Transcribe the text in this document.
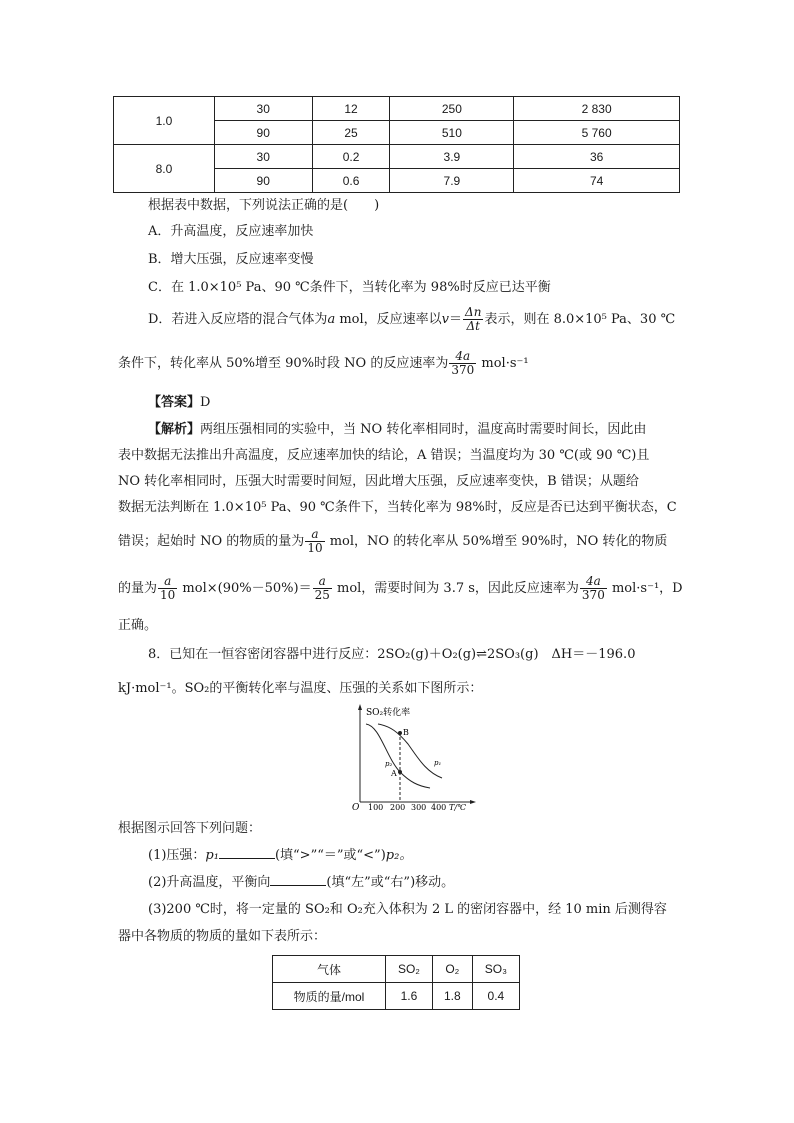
1.0	30	12	250	2 830
	90	25	510	5 760
8.0	30	0.2	3.9	36
	90	0.6	7.9	74
根据表中数据，下列说法正确的是(　　)
A．升高温度，反应速率加快
B．增大压强，反应速率变慢
C．在 1.0×10⁵ Pa、90 ℃条件下，当转化率为 98%时反应已达平衡
D．若进入反应塔的混合气体为a mol，反应速率以$v= \frac{\Delta n}{\Delta t}$ 表示，则在 8.0×10⁵ Pa、30 ℃
条件下，转化率从 50%增至 90%时段 NO 的反应速率为 $\frac{4a}{370} mol\cdot s^{-1}$
【答案】D
【解析】两组压强相同的实验中，当 NO 转化率相同时，温度高时需要时间长，因此由
表中数据无法推出升高温度，反应速率加快的结论，A 错误；当温度均为 30 ℃(或 90 ℃)且
NO 转化率相同时，压强大时需要时间短，因此增大压强，反应速率变快，B 错误；从题给
数据无法判断在 1.0×10⁵ Pa、90 ℃条件下，当转化率为 98%时，反应是否已达到平衡状态，C
错误；起始时 NO 的物质的量为 $\frac{a}{10}$ mol，NO 的转化率从 50%增至 90%时，NO 转化的物质
的量为 $\frac{a}{10} mol\times(90\%-50\%)= \frac{a}{25}$ mol，需要时间为 3.7 s，因此反应速率为 $\frac{4a}{370} mol\cdot s^{-1}$，D
正确。
8．已知在一恒容密闭容器中进行反应：2SO₂(g)＋O₂(g)⇌2SO₃(g)　ΔH＝－196.0
kJ·mol⁻¹。SO₂的平衡转化率与温度、压强的关系如下图所示：
SO₂转化率
O 100 200 300 400 T/℃
B
A
p₂	p₁
根据图示回答下列问题：
(1)压强：p₁	(填“>”“＝”或“<”)p₂。
(2)升高温度，平衡向	(填“左”或“右”)移动。
(3)200 ℃时，将一定量的 SO₂和 O₂充入体积为 2 L 的密闭容器中，经 10 min 后测得容
器中各物质的物质的量如下表所示：
气体	SO₂	O₂	SO₃
物质的量/mol	1.6	1.8	0.4
